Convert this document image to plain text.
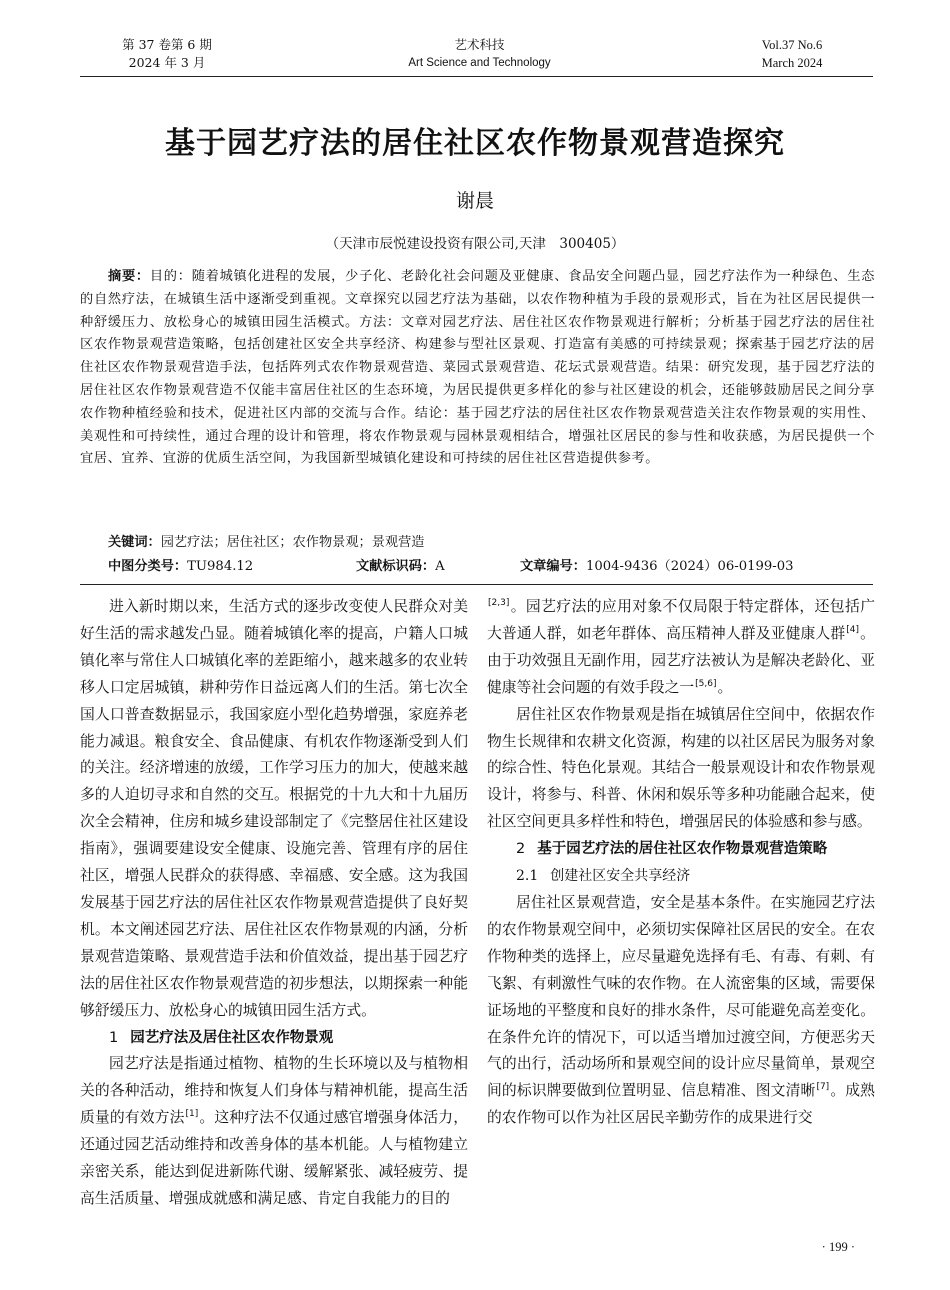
第 37 卷第 6 期
2024 年 3 月
艺术科技
Art Science and Technology
Vol.37 No.6
March 2024
基于园艺疗法的居住社区农作物景观营造探究
谢晨
（天津市辰悦建设投资有限公司,天津　300405）
摘要：目的：随着城镇化进程的发展，少子化、老龄化社会问题及亚健康、食品安全问题凸显，园艺疗法作为一种绿色、生态的自然疗法，在城镇生活中逐渐受到重视。文章探究以园艺疗法为基础，以农作物种植为手段的景观形式，旨在为社区居民提供一种舒缓压力、放松身心的城镇田园生活模式。方法：文章对园艺疗法、居住社区农作物景观进行解析；分析基于园艺疗法的居住社区农作物景观营造策略，包括创建社区安全共享经济、构建参与型社区景观、打造富有美感的可持续景观；探索基于园艺疗法的居住社区农作物景观营造手法，包括阵列式农作物景观营造、菜园式景观营造、花坛式景观营造。结果：研究发现，基于园艺疗法的居住社区农作物景观营造不仅能丰富居住社区的生态环境，为居民提供更多样化的参与社区建设的机会，还能够鼓励居民之间分享农作物种植经验和技术，促进社区内部的交流与合作。结论：基于园艺疗法的居住社区农作物景观营造关注农作物景观的实用性、美观性和可持续性，通过合理的设计和管理，将农作物景观与园林景观相结合，增强社区居民的参与性和收获感，为居民提供一个宜居、宜养、宜游的优质生活空间，为我国新型城镇化建设和可持续的居住社区营造提供参考。
关键词：园艺疗法；居住社区；农作物景观；景观营造
中图分类号：TU984.12	文献标识码：A	文章编号：1004-9436（2024）06-0199-03

进入新时期以来，生活方式的逐步改变使人民群众对美好生活的需求越发凸显。随着城镇化率的提高，户籍人口城镇化率与常住人口城镇化率的差距缩小，越来越多的农业转移人口定居城镇，耕种劳作日益远离人们的生活。第七次全国人口普查数据显示，我国家庭小型化趋势增强，家庭养老能力减退。粮食安全、食品健康、有机农作物逐渐受到人们的关注。经济增速的放缓，工作学习压力的加大，使越来越多的人迫切寻求和自然的交互。根据党的十九大和十九届历次全会精神，住房和城乡建设部制定了《完整居住社区建设指南》，强调要建设安全健康、设施完善、管理有序的居住社区，增强人民群众的获得感、幸福感、安全感。这为我国发展基于园艺疗法的居住社区农作物景观营造提供了良好契机。本文阐述园艺疗法、居住社区农作物景观的内涵，分析景观营造策略、景观营造手法和价值效益，提出基于园艺疗法的居住社区农作物景观营造的初步想法，以期探索一种能够舒缓压力、放松身心的城镇田园生活方式。

1 园艺疗法及居住社区农作物景观

园艺疗法是指通过植物、植物的生长环境以及与植物相关的各种活动，维持和恢复人们身体与精神机能，提高生活质量的有效方法[1]。这种疗法不仅通过感官增强身体活力，还通过园艺活动维持和改善身体的基本机能。人与植物建立亲密关系，能达到促进新陈代谢、缓解紧张、减轻疲劳、提高生活质量、增强成就感和满足感、肯定自我能力的目的

[2,3]。园艺疗法的应用对象不仅局限于特定群体，还包括广大普通人群，如老年群体、高压精神人群及亚健康人群[4]。由于功效强且无副作用，园艺疗法被认为是解决老龄化、亚健康等社会问题的有效手段之一[5,6]。

居住社区农作物景观是指在城镇居住空间中，依据农作物生长规律和农耕文化资源，构建的以社区居民为服务对象的综合性、特色化景观。其结合一般景观设计和农作物景观设计，将参与、科普、休闲和娱乐等多种功能融合起来，使社区空间更具多样性和特色，增强居民的体验感和参与感。

2 基于园艺疗法的居住社区农作物景观营造策略
2.1 创建社区安全共享经济

居住社区景观营造，安全是基本条件。在实施园艺疗法的农作物景观空间中，必须切实保障社区居民的安全。在农作物种类的选择上，应尽量避免选择有毛、有毒、有刺、有飞絮、有刺激性气味的农作物。在人流密集的区域，需要保证场地的平整度和良好的排水条件，尽可能避免高差变化。在条件允许的情况下，可以适当增加过渡空间，方便恶劣天气的出行，活动场所和景观空间的设计应尽量简单，景观空间的标识牌要做到位置明显、信息精准、图文清晰[7]。成熟的农作物可以作为社区居民辛勤劳作的成果进行交

· 199 ·
